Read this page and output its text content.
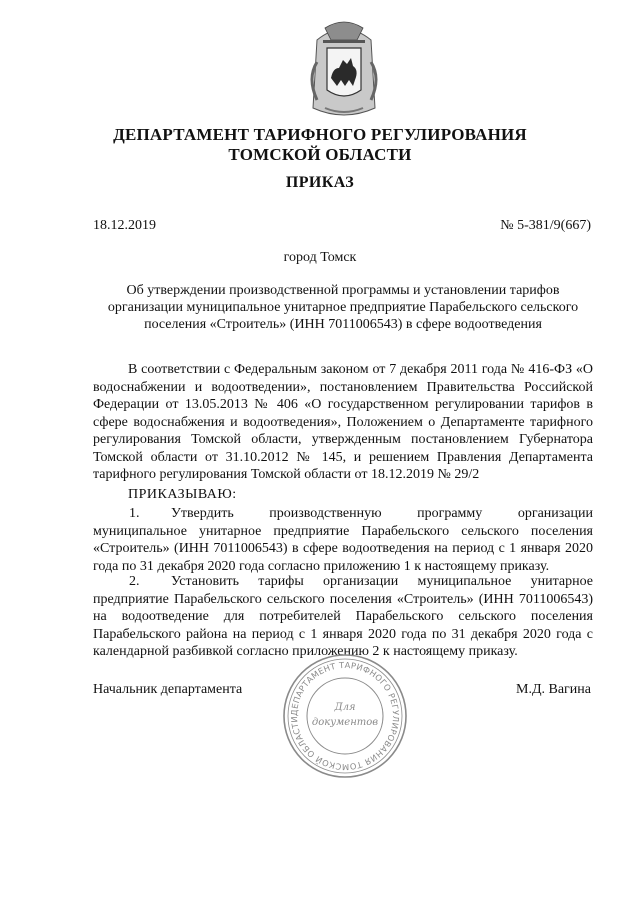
ДЕПАРТАМЕНТ ТАРИФНОГО РЕГУЛИРОВАНИЯ
ТОМСКОЙ ОБЛАСТИ
ПРИКАЗ
18.12.2019	№ 5-381/9(667)
город Томск
Об утверждении производственной программы и установлении тарифов организации муниципальное унитарное предприятие Парабельского сельского поселения «Строитель» (ИНН 7011006543) в сфере водоотведения
В соответствии с Федеральным законом от 7 декабря 2011 года № 416-ФЗ «О водоснабжении и водоотведении», постановлением Правительства Российской Федерации от 13.05.2013 № 406 «О государственном регулировании тарифов в сфере водоснабжения и водоотведения», Положением о Департаменте тарифного регулирования Томской области, утвержденным постановлением Губернатора Томской области от 31.10.2012 № 145, и решением Правления Департамента тарифного регулирования Томской области от 18.12.2019 № 29/2
ПРИКАЗЫВАЮ:
1. Утвердить производственную программу организации муниципальное унитарное предприятие Парабельского сельского поселения «Строитель» (ИНН 7011006543) в сфере водоотведения на период с 1 января 2020 года по 31 декабря 2020 года согласно приложению 1 к настоящему приказу.
2. Установить тарифы организации муниципальное унитарное предприятие Парабельского сельского поселения «Строитель» (ИНН 7011006543) на водоотведение для потребителей Парабельского сельского поселения Парабельского района на период с 1 января 2020 года по 31 декабря 2020 года с календарной разбивкой согласно приложению 2 к настоящему приказу.
Начальник департамента	М.Д. Вагина
ДЕПАРТАМЕНТ ТАРИФНОГО РЕГУЛИРОВАНИЯ ТОМСКОЙ ОБЛАСТИ
Для
документов
